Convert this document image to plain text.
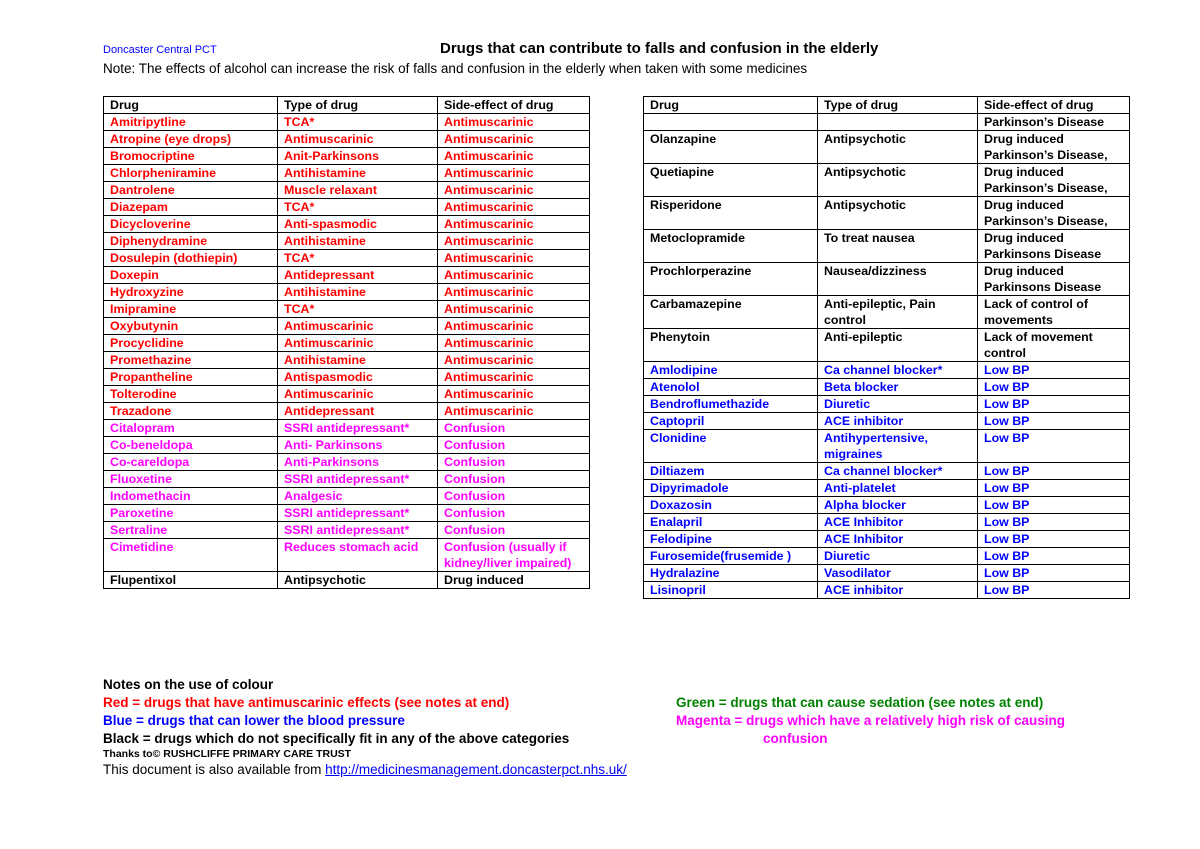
Doncaster Central PCT	Drugs that can contribute to falls and confusion in the elderly
Note: The effects of alcohol can increase the risk of falls and confusion in the elderly when taken with some medicines
Drug	Type of drug	Side-effect of drug
Amitripytline	TCA*	Antimuscarinic
Atropine (eye drops)	Antimuscarinic	Antimuscarinic
Bromocriptine	Anit-Parkinsons	Antimuscarinic
Chlorpheniramine	Antihistamine	Antimuscarinic
Dantrolene	Muscle relaxant	Antimuscarinic
Diazepam	TCA*	Antimuscarinic
Dicycloverine	Anti-spasmodic	Antimuscarinic
Diphenydramine	Antihistamine	Antimuscarinic
Dosulepin (dothiepin)	TCA*	Antimuscarinic
Doxepin	Antidepressant	Antimuscarinic
Hydroxyzine	Antihistamine	Antimuscarinic
Imipramine	TCA*	Antimuscarinic
Oxybutynin	Antimuscarinic	Antimuscarinic
Procyclidine	Antimuscarinic	Antimuscarinic
Promethazine	Antihistamine	Antimuscarinic
Propantheline	Antispasmodic	Antimuscarinic
Tolterodine	Antimuscarinic	Antimuscarinic
Trazadone	Antidepressant	Antimuscarinic
Citalopram	SSRI antidepressant*	Confusion
Co-beneldopa	Anti- Parkinsons	Confusion
Co-careldopa	Anti-Parkinsons	Confusion
Fluoxetine	SSRI antidepressant*	Confusion
Indomethacin	Analgesic	Confusion
Paroxetine	SSRI antidepressant*	Confusion
Sertraline	SSRI antidepressant*	Confusion
Cimetidine	Reduces stomach acid	Confusion (usually if kidney/liver impaired)
Flupentixol	Antipsychotic	Drug induced
Drug	Type of drug	Side-effect of drug
		Parkinson’s Disease
Olanzapine	Antipsychotic	Drug induced Parkinson’s Disease,
Quetiapine	Antipsychotic	Drug induced Parkinson’s Disease,
Risperidone	Antipsychotic	Drug induced Parkinson’s Disease,
Metoclopramide	To treat nausea	Drug induced Parkinsons Disease
Prochlorperazine	Nausea/dizziness	Drug induced Parkinsons Disease
Carbamazepine	Anti-epileptic, Pain control	Lack of control of movements
Phenytoin	Anti-epileptic	Lack of movement control
Amlodipine	Ca channel blocker*	Low BP
Atenolol	Beta blocker	Low BP
Bendroflumethazide	Diuretic	Low BP
Captopril	ACE inhibitor	Low BP
Clonidine	Antihypertensive, migraines	Low BP
Diltiazem	Ca channel blocker*	Low BP
Dipyrimadole	Anti-platelet	Low BP
Doxazosin	Alpha blocker	Low BP
Enalapril	ACE Inhibitor	Low BP
Felodipine	ACE Inhibitor	Low BP
Furosemide(frusemide )	Diuretic	Low BP
Hydralazine	Vasodilator	Low BP
Lisinopril	ACE inhibitor	Low BP
Notes on the use of colour
Red = drugs that have antimuscarinic effects (see notes at end)	Green = drugs that can cause sedation (see notes at end)
Blue = drugs that can lower the blood pressure	Magenta = drugs which have a relatively high risk of causing
confusion
Black = drugs which do not specifically fit in any of the above categories
Thanks to© RUSHCLIFFE PRIMARY CARE TRUST
This document is also available from http://medicinesmanagement.doncasterpct.nhs.uk/
